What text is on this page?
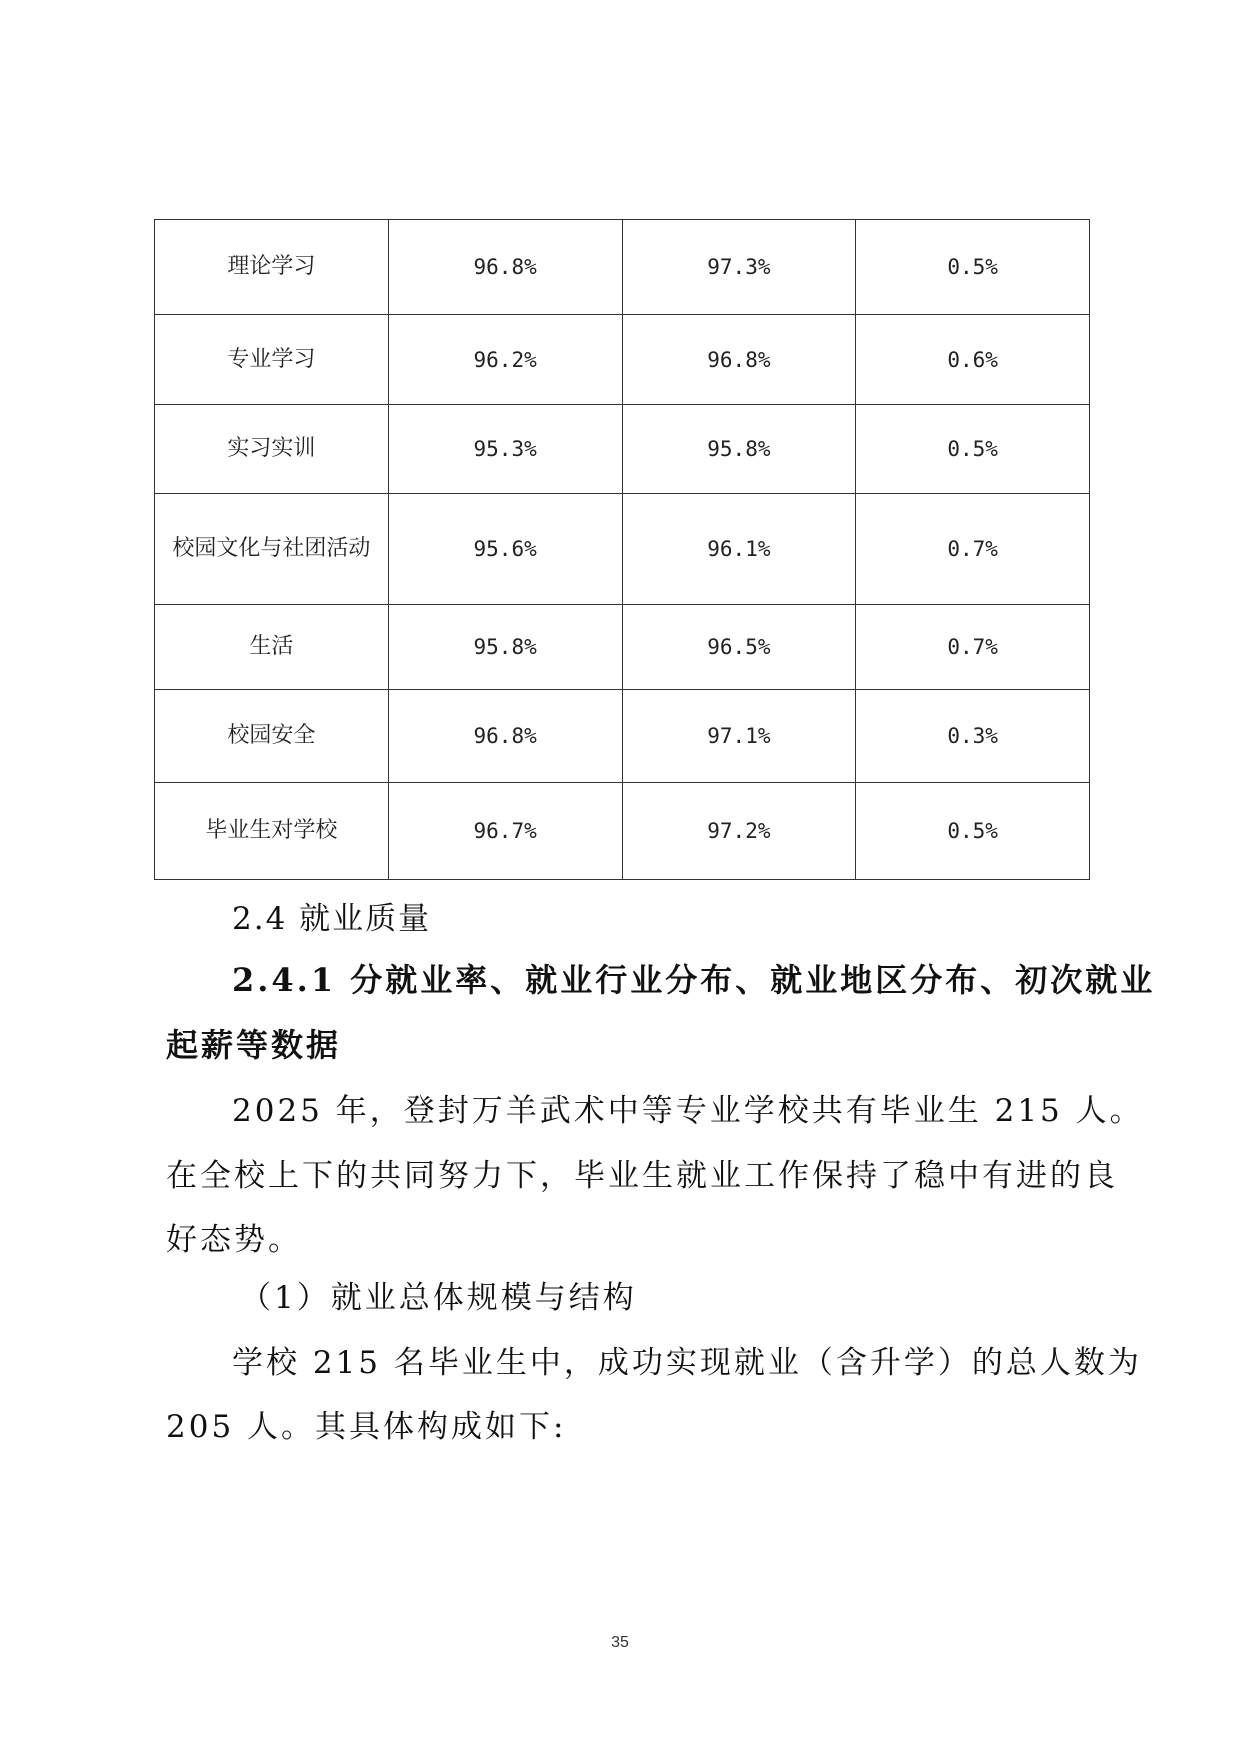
理论学习	96.8%	97.3%	0.5%
专业学习	96.2%	96.8%	0.6%
实习实训	95.3%	95.8%	0.5%
校园文化与社团活动	95.6%	96.1%	0.7%
生活	95.8%	96.5%	0.7%
校园安全	96.8%	97.1%	0.3%
毕业生对学校	96.7%	97.2%	0.5%
2.4 就业质量
2.4.1 分就业率、就业行业分布、就业地区分布、初次就业
起薪等数据
2025 年，登封万羊武术中等专业学校共有毕业生 215 人。
在全校上下的共同努力下，毕业生就业工作保持了稳中有进的良
好态势。
（1）就业总体规模与结构
学校 215 名毕业生中，成功实现就业（含升学）的总人数为
205 人。其具体构成如下:
35
